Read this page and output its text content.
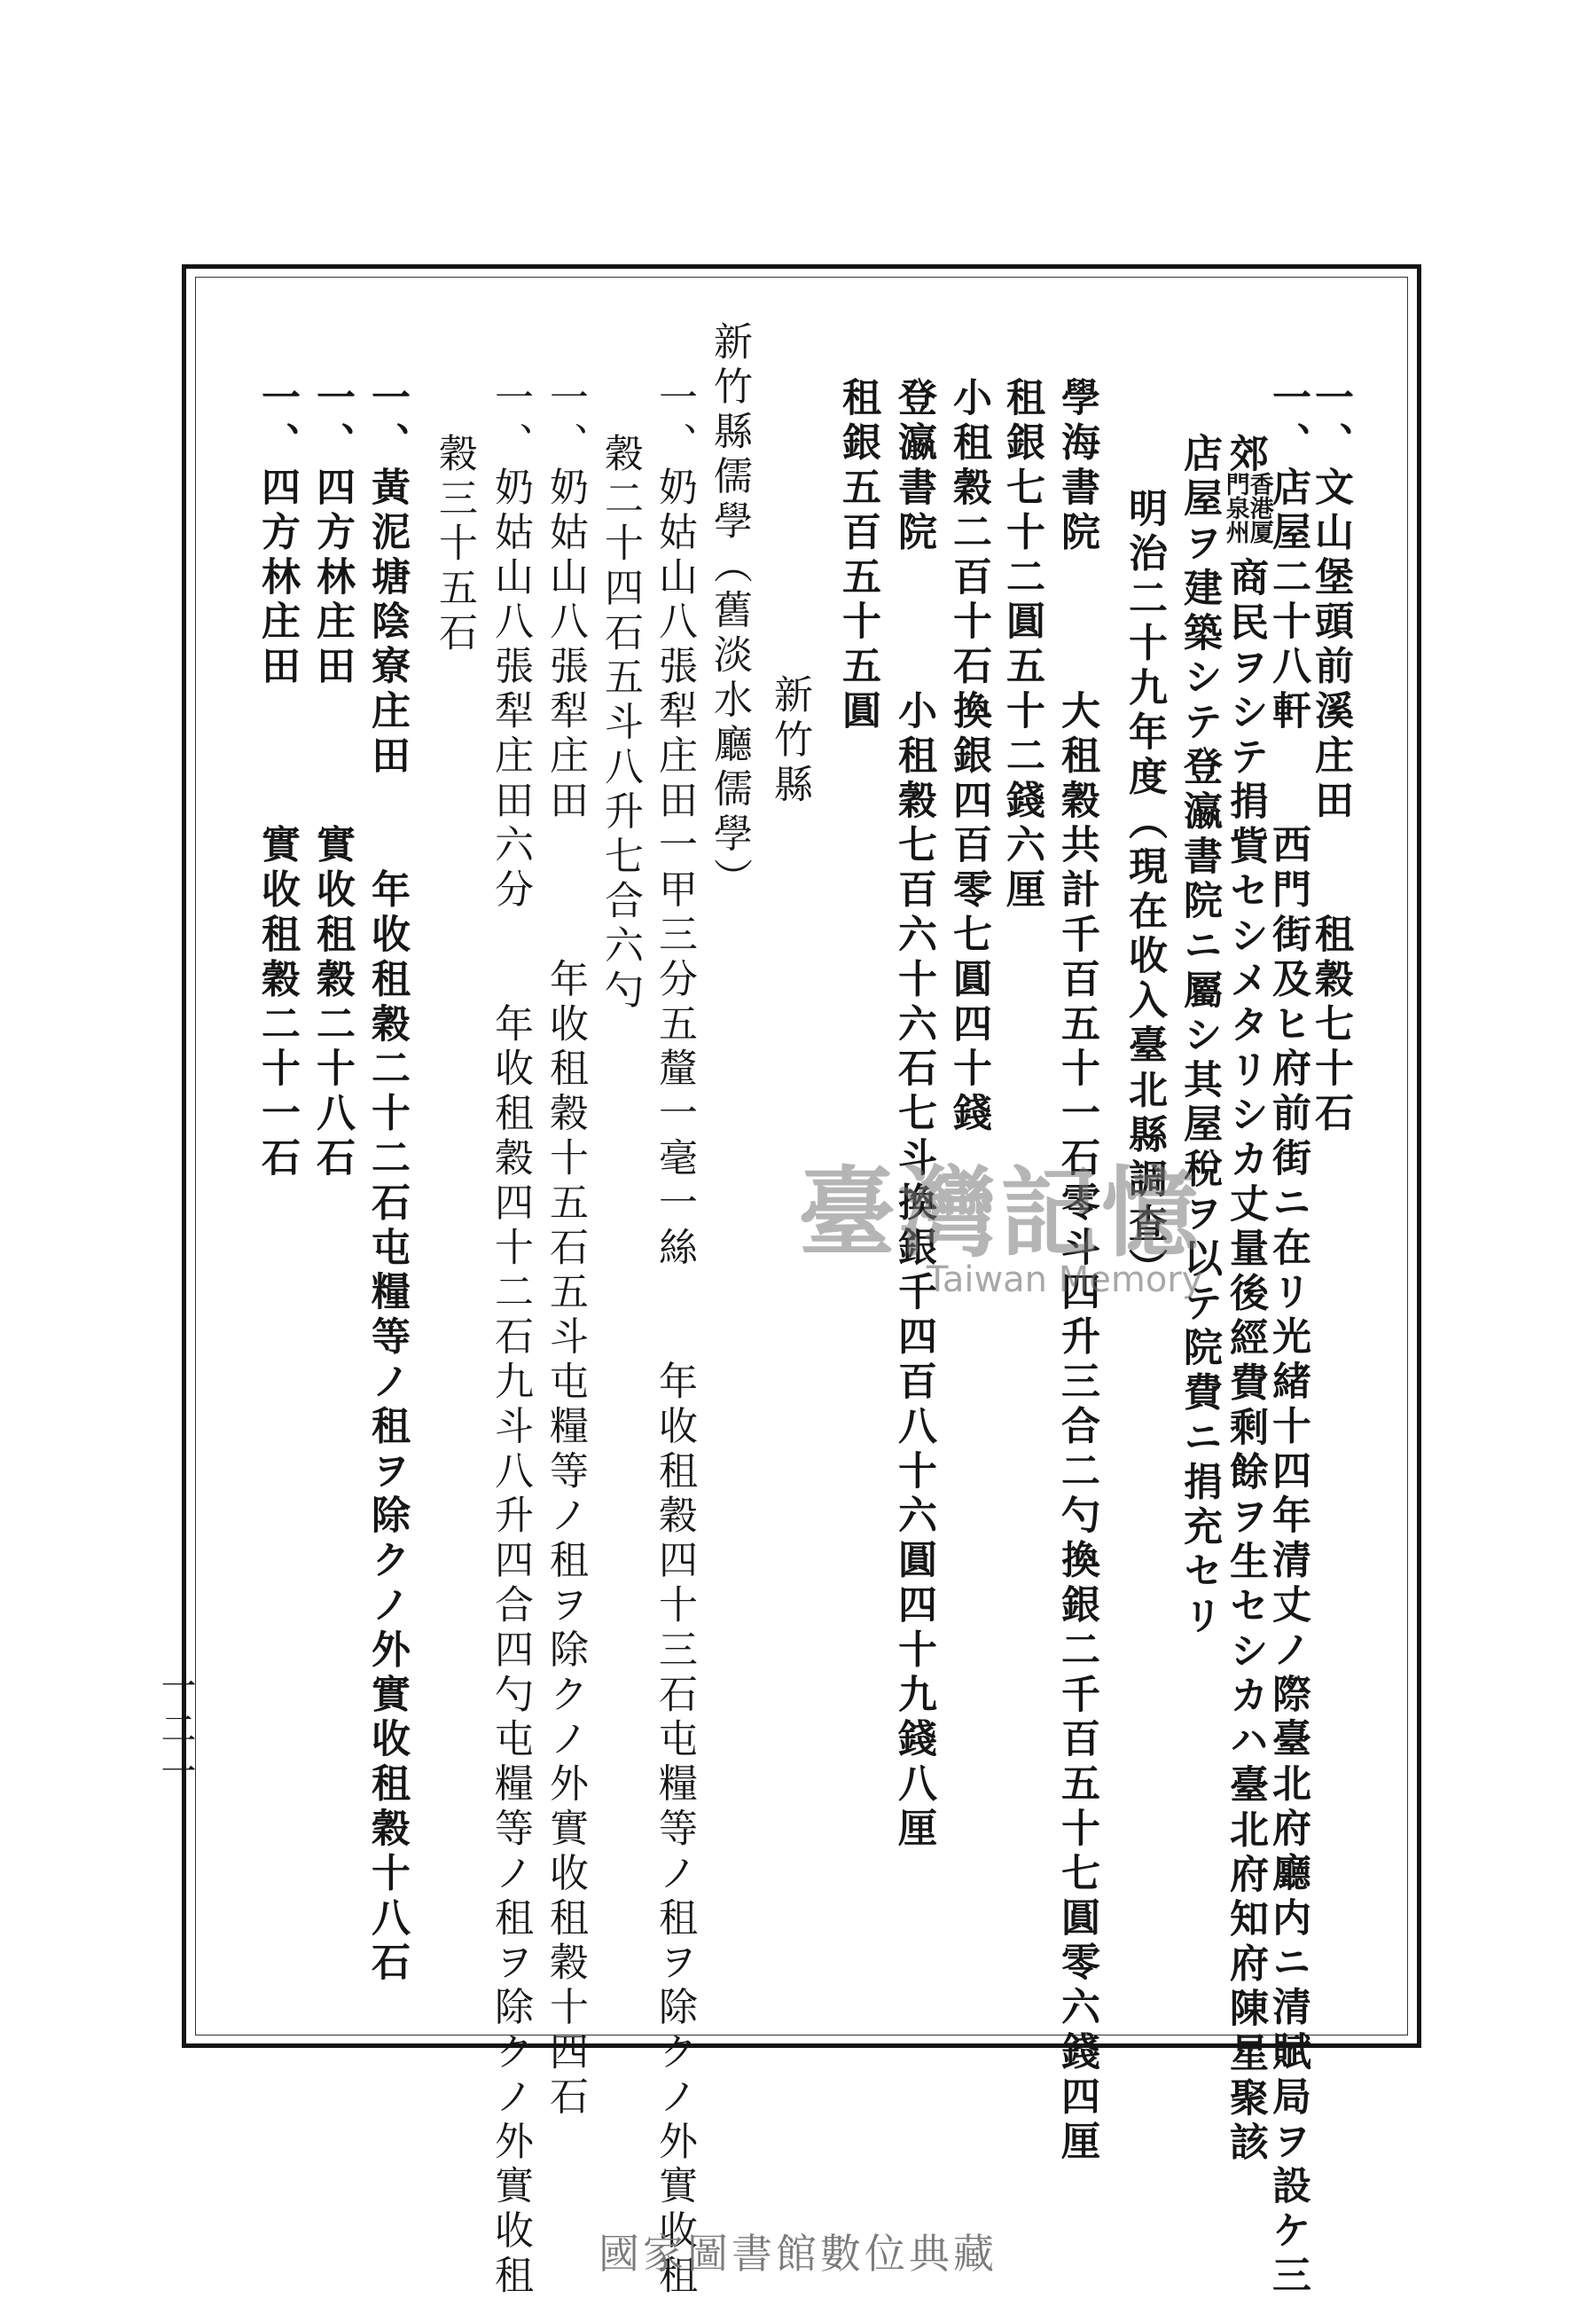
一、文山堡頭前溪庄田　　租穀七十石
一、店屋二十八軒　　西門街及ヒ府前街ニ在リ光緒十四年清丈ノ際臺北府廳内ニ清賦局ヲ設ケ三
郊
香港厦
門泉州
商民ヲシテ捐貲セシメタリシカ丈量後經費剩餘ヲ生セシカハ臺北府知府陳星聚該
店屋ヲ建築シテ登瀛書院ニ屬シ其屋稅ヲ以テ院費ニ捐充セリ
明治二十九年度（現在收入臺北縣調查）
學海書院　　　大租穀共計千百五十一石零斗四升三合二勺換銀二千百五十七圓零六錢四厘
租銀七十二圓五十二錢六厘
小租穀二百十石換銀四百零七圓四十錢
登瀛書院　　　小租穀七百六十六石七斗換銀千四百八十六圓四十九錢八厘
租銀五百五十五圓
新竹縣
新竹縣儒學（舊淡水廳儒學）
一、奶姑山八張犁庄田一甲三分五釐一毫一絲　　年收租穀四十三石屯糧等ノ租ヲ除クノ外實收租
穀二十四石五斗八升七合六勺
一、奶姑山八張犁庄田　　　年收租穀十五石五斗屯糧等ノ租ヲ除クノ外實收租穀十四石
一、奶姑山八張犁庄田六分　　年收租穀四十二石九斗八升四合四勺屯糧等ノ租ヲ除クノ外實收租
穀三十五石
一、黃泥塘陰寮庄田　　年收租穀二十二石屯糧等ノ租ヲ除クノ外實收租穀十八石
一、四方林庄田　　　實收租穀二十八石
一、四方林庄田　　　實收租穀二十一石
一二一
臺灣記憶
Taiwan Memory
國家圖書館數位典藏
